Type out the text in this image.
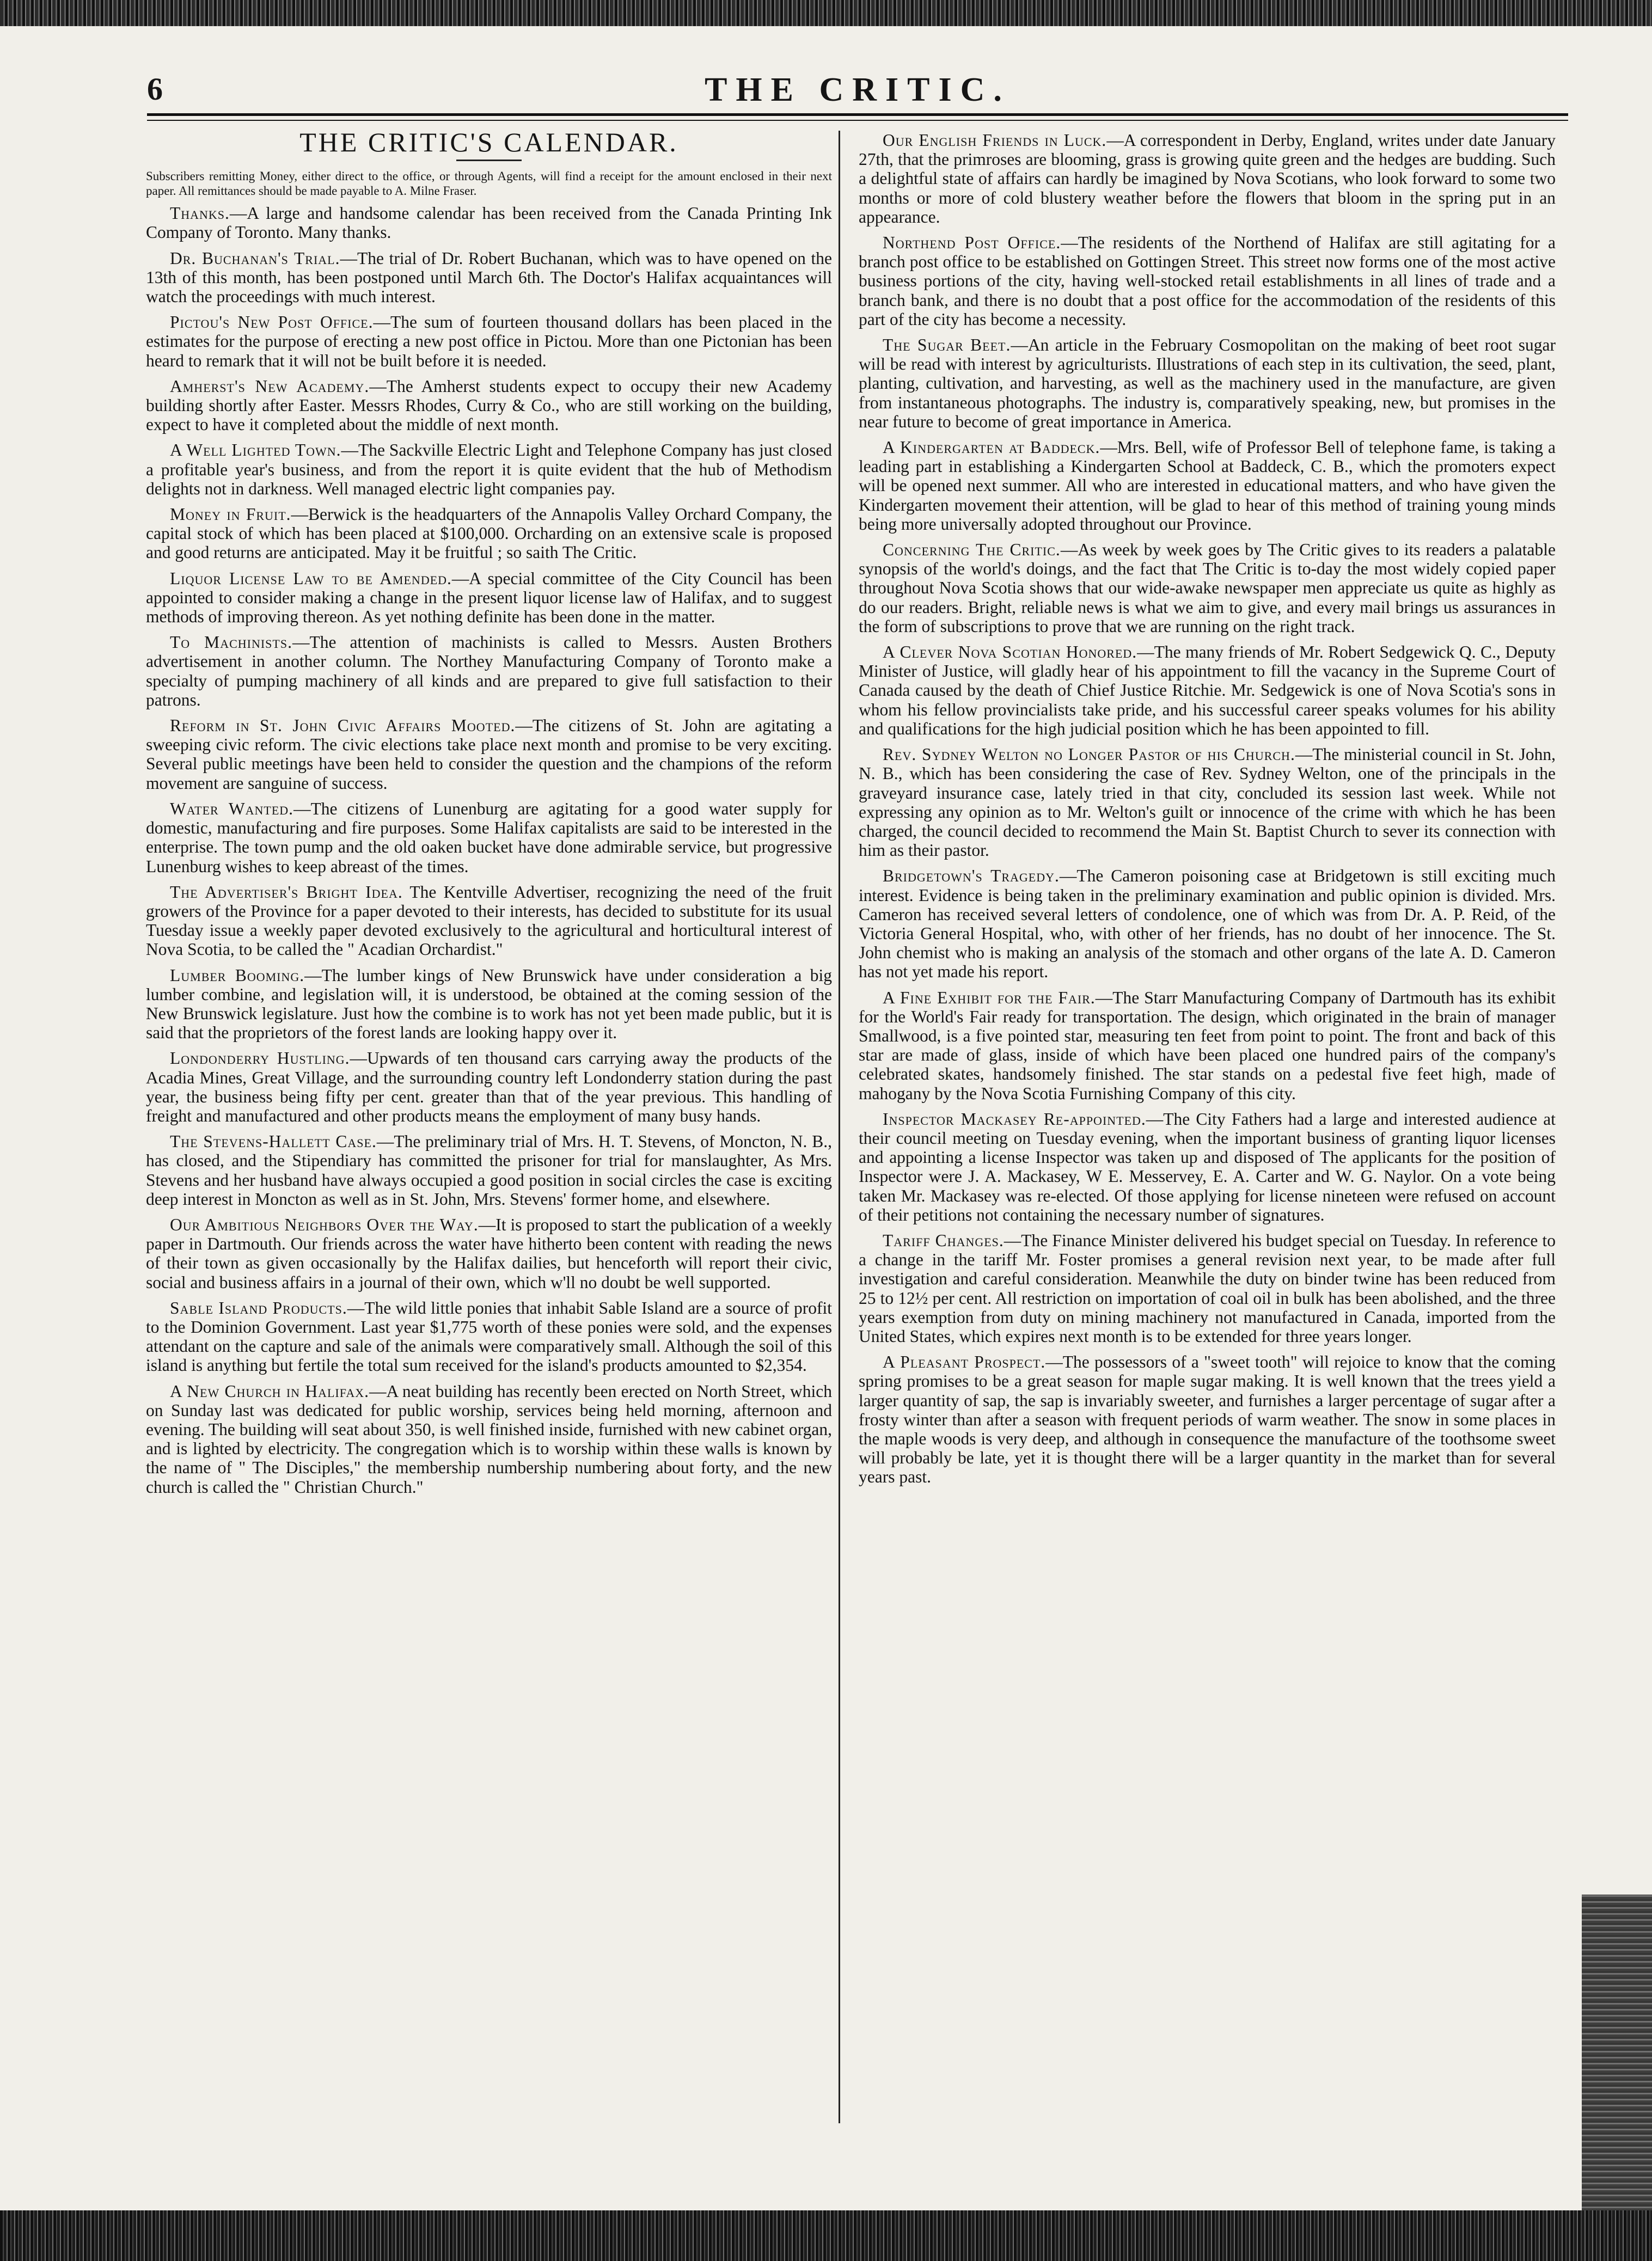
6	THE CRITIC.
THE CRITIC'S CALENDAR.
Subscribers remitting Money, either direct to the office, or through Agents, will find a receipt for the amount enclosed in their next paper. All remittances should be made payable to A. Milne Fraser.

Thanks.—A large and handsome calendar has been received from the Canada Printing Ink Company of Toronto. Many thanks.

Dr. Buchanan's Trial.—The trial of Dr. Robert Buchanan, which was to have opened on the 13th of this month, has been postponed until March 6th. The Doctor's Halifax acquaintances will watch the proceedings with much interest.

Pictou's New Post Office.—The sum of fourteen thousand dollars has been placed in the estimates for the purpose of erecting a new post office in Pictou. More than one Pictonian has been heard to remark that it will not be built before it is needed.

Amherst's New Academy.—The Amherst students expect to occupy their new Academy building shortly after Easter. Messrs Rhodes, Curry & Co., who are still working on the building, expect to have it completed about the middle of next month.

A Well Lighted Town.—The Sackville Electric Light and Telephone Company has just closed a profitable year's business, and from the report it is quite evident that the hub of Methodism delights not in darkness. Well managed electric light companies pay.

Money in Fruit.—Berwick is the headquarters of the Annapolis Valley Orchard Company, the capital stock of which has been placed at $100,000. Orcharding on an extensive scale is proposed and good returns are anticipated. May it be fruitful ; so saith The Critic.

Liquor License Law to be Amended.—A special committee of the City Council has been appointed to consider making a change in the present liquor license law of Halifax, and to suggest methods of improving thereon. As yet nothing definite has been done in the matter.

To Machinists.—The attention of machinists is called to Messrs. Austen Brothers advertisement in another column. The Northey Manufacturing Company of Toronto make a specialty of pumping machinery of all kinds and are prepared to give full satisfaction to their patrons.

Reform in St. John Civic Affairs Mooted.—The citizens of St. John are agitating a sweeping civic reform. The civic elections take place next month and promise to be very exciting. Several public meetings have been held to consider the question and the champions of the reform movement are sanguine of success.

Water Wanted.—The citizens of Lunenburg are agitating for a good water supply for domestic, manufacturing and fire purposes. Some Halifax capitalists are said to be interested in the enterprise. The town pump and the old oaken bucket have done admirable service, but progressive Lunenburg wishes to keep abreast of the times.

The Advertiser's Bright Idea. The Kentville Advertiser, recognizing the need of the fruit growers of the Province for a paper devoted to their interests, has decided to substitute for its usual Tuesday issue a weekly paper devoted exclusively to the agricultural and horticultural interest of Nova Scotia, to be called the " Acadian Orchardist."

Lumber Booming.—The lumber kings of New Brunswick have under consideration a big lumber combine, and legislation will, it is understood, be obtained at the coming session of the New Brunswick legislature. Just how the combine is to work has not yet been made public, but it is said that the proprietors of the forest lands are looking happy over it.

Londonderry Hustling.—Upwards of ten thousand cars carrying away the products of the Acadia Mines, Great Village, and the surrounding country left Londonderry station during the past year, the business being fifty per cent. greater than that of the year previous. This handling of freight and manufactured and other products means the employment of many busy hands.

The Stevens-Hallett Case.—The preliminary trial of Mrs. H. T. Stevens, of Moncton, N. B., has closed, and the Stipendiary has committed the prisoner for trial for manslaughter, As Mrs. Stevens and her husband have always occupied a good position in social circles the case is exciting deep interest in Moncton as well as in St. John, Mrs. Stevens' former home, and elsewhere.

Our Ambitious Neighbors Over the Way.—It is proposed to start the publication of a weekly paper in Dartmouth. Our friends across the water have hitherto been content with reading the news of their town as given occasionally by the Halifax dailies, but henceforth will report their civic, social and business affairs in a journal of their own, which w'll no doubt be well supported.

Sable Island Products.—The wild little ponies that inhabit Sable Island are a source of profit to the Dominion Government. Last year $1,775 worth of these ponies were sold, and the expenses attendant on the capture and sale of the animals were comparatively small. Although the soil of this island is anything but fertile the total sum received for the island's products amounted to $2,354.

A New Church in Halifax.—A neat building has recently been erected on North Street, which on Sunday last was dedicated for public worship, services being held morning, afternoon and evening. The building will seat about 350, is well finished inside, furnished with new cabinet organ, and is lighted by electricity. The congregation which is to worship within these walls is known by the name of " The Disciples," the membership numbership numbering about forty, and the new church is called the " Christian Church."

Our English Friends in Luck.—A correspondent in Derby, England, writes under date January 27th, that the primroses are blooming, grass is growing quite green and the hedges are budding. Such a delightful state of affairs can hardly be imagined by Nova Scotians, who look forward to some two months or more of cold blustery weather before the flowers that bloom in the spring put in an appearance.

Northend Post Office.—The residents of the Northend of Halifax are still agitating for a branch post office to be established on Gottingen Street. This street now forms one of the most active business portions of the city, having well-stocked retail establishments in all lines of trade and a branch bank, and there is no doubt that a post office for the accommodation of the residents of this part of the city has become a necessity.

The Sugar Beet.—An article in the February Cosmopolitan on the making of beet root sugar will be read with interest by agriculturists. Illustrations of each step in its cultivation, the seed, plant, planting, cultivation, and harvesting, as well as the machinery used in the manufacture, are given from instantaneous photographs. The industry is, comparatively speaking, new, but promises in the near future to become of great importance in America.

A Kindergarten at Baddeck.—Mrs. Bell, wife of Professor Bell of telephone fame, is taking a leading part in establishing a Kindergarten School at Baddeck, C. B., which the promoters expect will be opened next summer. All who are interested in educational matters, and who have given the Kindergarten movement their attention, will be glad to hear of this method of training young minds being more universally adopted throughout our Province.

Concerning The Critic.—As week by week goes by The Critic gives to its readers a palatable synopsis of the world's doings, and the fact that The Critic is to-day the most widely copied paper throughout Nova Scotia shows that our wide-awake newspaper men appreciate us quite as highly as do our readers. Bright, reliable news is what we aim to give, and every mail brings us assurances in the form of subscriptions to prove that we are running on the right track.

A Clever Nova Scotian Honored.—The many friends of Mr. Robert Sedgewick Q. C., Deputy Minister of Justice, will gladly hear of his appointment to fill the vacancy in the Supreme Court of Canada caused by the death of Chief Justice Ritchie. Mr. Sedgewick is one of Nova Scotia's sons in whom his fellow provincialists take pride, and his successful career speaks volumes for his ability and qualifications for the high judicial position which he has been appointed to fill.

Rev. Sydney Welton no Longer Pastor of his Church.—The ministerial council in St. John, N. B., which has been considering the case of Rev. Sydney Welton, one of the principals in the graveyard insurance case, lately tried in that city, concluded its session last week. While not expressing any opinion as to Mr. Welton's guilt or innocence of the crime with which he has been charged, the council decided to recommend the Main St. Baptist Church to sever its connection with him as their pastor.

Bridgetown's Tragedy.—The Cameron poisoning case at Bridgetown is still exciting much interest. Evidence is being taken in the preliminary examination and public opinion is divided. Mrs. Cameron has received several letters of condolence, one of which was from Dr. A. P. Reid, of the Victoria General Hospital, who, with other of her friends, has no doubt of her innocence. The St. John chemist who is making an analysis of the stomach and other organs of the late A. D. Cameron has not yet made his report.

A Fine Exhibit for the Fair.—The Starr Manufacturing Company of Dartmouth has its exhibit for the World's Fair ready for transportation. The design, which originated in the brain of manager Smallwood, is a five pointed star, measuring ten feet from point to point. The front and back of this star are made of glass, inside of which have been placed one hundred pairs of the company's celebrated skates, handsomely finished. The star stands on a pedestal five feet high, made of mahogany by the Nova Scotia Furnishing Company of this city.

Inspector Mackasey Re-appointed.—The City Fathers had a large and interested audience at their council meeting on Tuesday evening, when the important business of granting liquor licenses and appointing a license Inspector was taken up and disposed of The applicants for the position of Inspector were J. A. Mackasey, W E. Messervey, E. A. Carter and W. G. Naylor. On a vote being taken Mr. Mackasey was re-elected. Of those applying for license nineteen were refused on account of their petitions not containing the necessary number of signatures.

Tariff Changes.—The Finance Minister delivered his budget special on Tuesday. In reference to a change in the tariff Mr. Foster promises a general revision next year, to be made after full investigation and careful consideration. Meanwhile the duty on binder twine has been reduced from 25 to 12½ per cent. All restriction on importation of coal oil in bulk has been abolished, and the three years exemption from duty on mining machinery not manufactured in Canada, imported from the United States, which expires next month is to be extended for three years longer.

A Pleasant Prospect.—The possessors of a "sweet tooth" will rejoice to know that the coming spring promises to be a great season for maple sugar making. It is well known that the trees yield a larger quantity of sap, the sap is invariably sweeter, and furnishes a larger percentage of sugar after a frosty winter than after a season with frequent periods of warm weather. The snow in some places in the maple woods is very deep, and although in consequence the manufacture of the toothsome sweet will probably be late, yet it is thought there will be a larger quantity in the market than for several years past.
